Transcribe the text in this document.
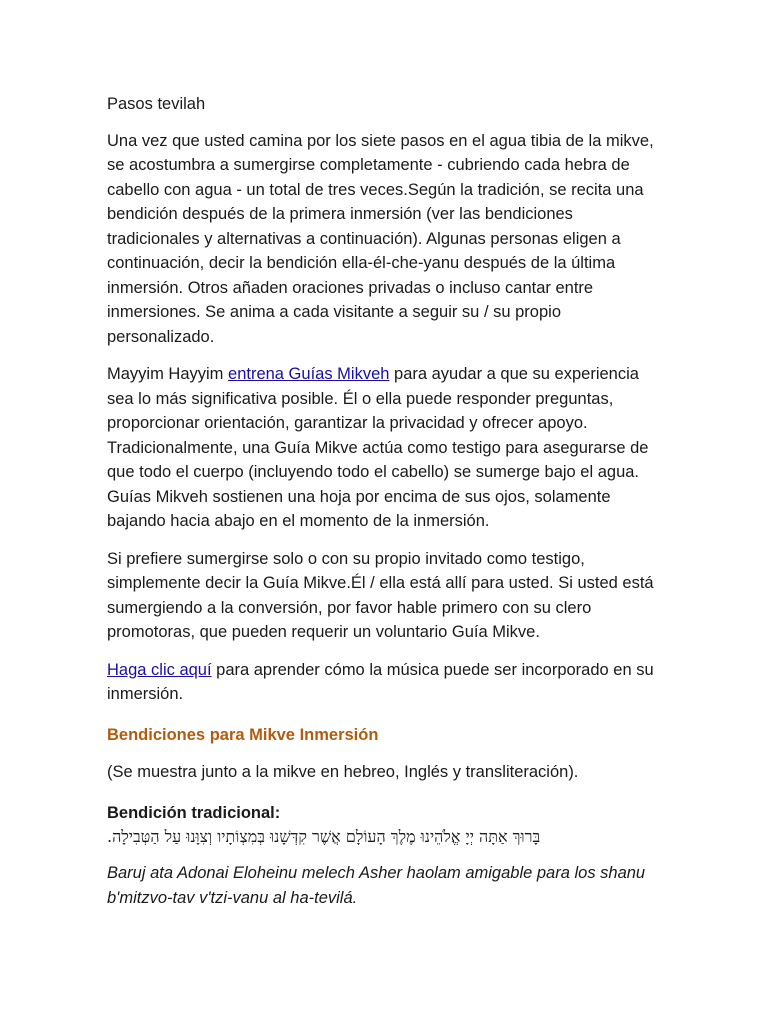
Pasos tevilah

Una vez que usted camina por los siete pasos en el agua tibia de la mikve, se acostumbra a sumergirse completamente - cubriendo cada hebra de cabello con agua - un total de tres veces.Según la tradición, se recita una bendición después de la primera inmersión (ver las bendiciones tradicionales y alternativas a continuación). Algunas personas eligen a continuación, decir la bendición ella-él-che-yanu después de la última inmersión. Otros añaden oraciones privadas o incluso cantar entre inmersiones. Se anima a cada visitante a seguir su / su propio personalizado.

Mayyim Hayyim entrena Guías Mikveh para ayudar a que su experiencia sea lo más significativa posible. Él o ella puede responder preguntas, proporcionar orientación, garantizar la privacidad y ofrecer apoyo. Tradicionalmente, una Guía Mikve actúa como testigo para asegurarse de que todo el cuerpo (incluyendo todo el cabello) se sumerge bajo el agua. Guías Mikveh sostienen una hoja por encima de sus ojos, solamente bajando hacia abajo en el momento de la inmersión.

Si prefiere sumergirse solo o con su propio invitado como testigo, simplemente decir la Guía Mikve.Él / ella está allí para usted. Si usted está sumergiendo a la conversión, por favor hable primero con su clero promotoras, que pueden requerir un voluntario Guía Mikve.

Haga clic aquí para aprender cómo la música puede ser incorporado en su inmersión.

Bendiciones para Mikve Inmersión

(Se muestra junto a la mikve en hebreo, Inglés y transliteración).

Bendición tradicional:

בָּרוּךְ אַתָּה יְיָ אֱלֹהֵינוּ מֶלֶךְ הָעוֹלָם אֲשֶׁר קִדְּשָׁנוּ בְּמִצְוֹתָיו וְצִוָּנוּ עַל הַטְּבִילָה.

Baruj ata Adonai Eloheinu melech Asher haolam amigable para los shanu b'mitzvo-tav v'tzi-vanu al ha-tevilá.
